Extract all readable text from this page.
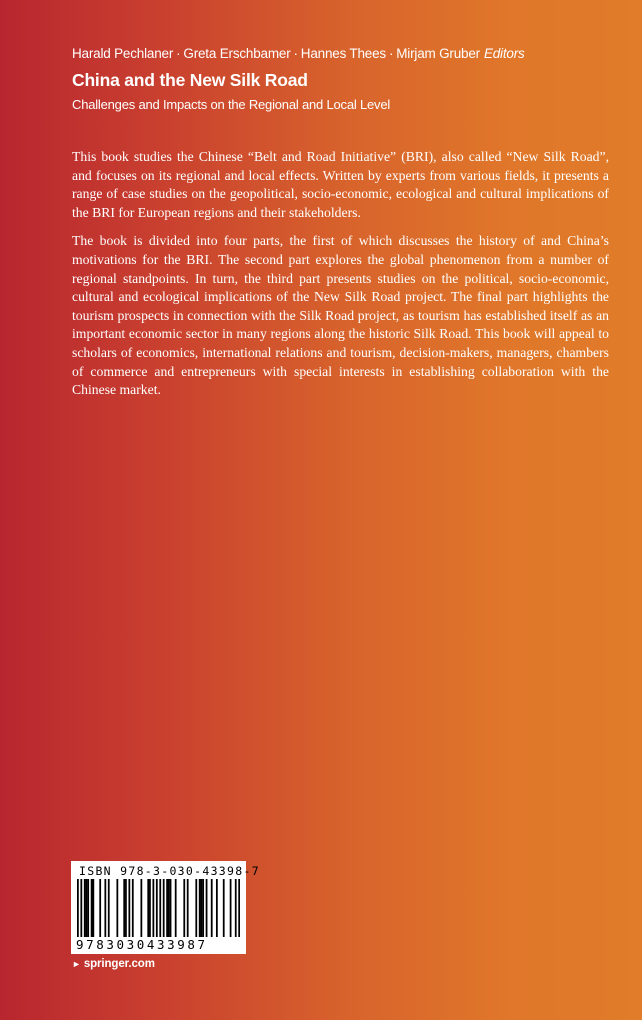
Harald Pechlaner · Greta Erschbamer · Hannes Thees · Mirjam Gruber Editors
China and the New Silk Road
Challenges and Impacts on the Regional and Local Level

This book studies the Chinese “Belt and Road Initiative” (BRI), also called “New Silk Road”, and focuses on its regional and local effects. Written by experts from various fields, it presents a range of case studies on the geopolitical, socio-economic, ecological and cultural implications of the BRI for European regions and their stakeholders.

The book is divided into four parts, the first of which discusses the history of and China’s motivations for the BRI. The second part explores the global phenomenon from a number of regional standpoints. In turn, the third part presents studies on the political, socio-economic, cultural and ecological implications of the New Silk Road project. The final part highlights the tourism prospects in connection with the Silk Road project, as tourism has established itself as an important economic sector in many regions along the historic Silk Road. This book will appeal to scholars of economics, international relations and tourism, decision-makers, managers, chambers of commerce and entrepreneurs with special interests in establishing collaboration with the Chinese market.

ISBN 978-3-030-43398-7
9783030433987
► springer.com
